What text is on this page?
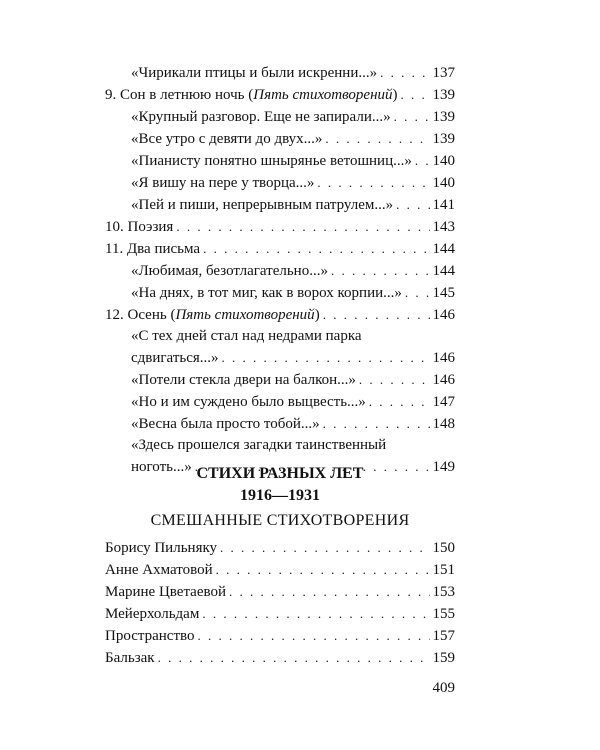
«Чирикали птицы и были искренни...» . . .	137
9. Сон в летнюю ночь (Пять стихотворений) . . . 139
«Крупный разговор. Еще не запирали...» . . .	139
«Все утро с девяти до двух...» . . .	139
«Пианисту понятно шнырянье ветошниц...» . . . 140
«Я вишу на пере у творца...» . . .	140
«Пей и пиши, непрерывным патрулем...» . . .	141
10. Поэзия . . .	143
11. Два письма . . .	144
«Любимая, безотлагательно...» . . .	144
«На днях, в тот миг, как в ворох корпии...» . . . 145
12. Осень (Пять стихотворений) . . .	146
«С тех дней стал над недрами парка
сдвигаться...» . . .	146
«Потели стекла двери на балкон...» . . .	146
«Но и им суждено было выцвесть...» . . .	147
«Весна была просто тобой...» . . .	148
«Здесь прошелся загадки таинственный
ноготь...» . . .	149
СТИХИ РАЗНЫХ ЛЕТ
1916—1931
СМЕШАННЫЕ СТИХОТВОРЕНИЯ
Борису Пильняку . . .	150
Анне Ахматовой . . .	151
Марине Цветаевой . . .	153
Мейерхольдам . . .	155
Пространство . . .	157
Бальзак . . .	159
409
